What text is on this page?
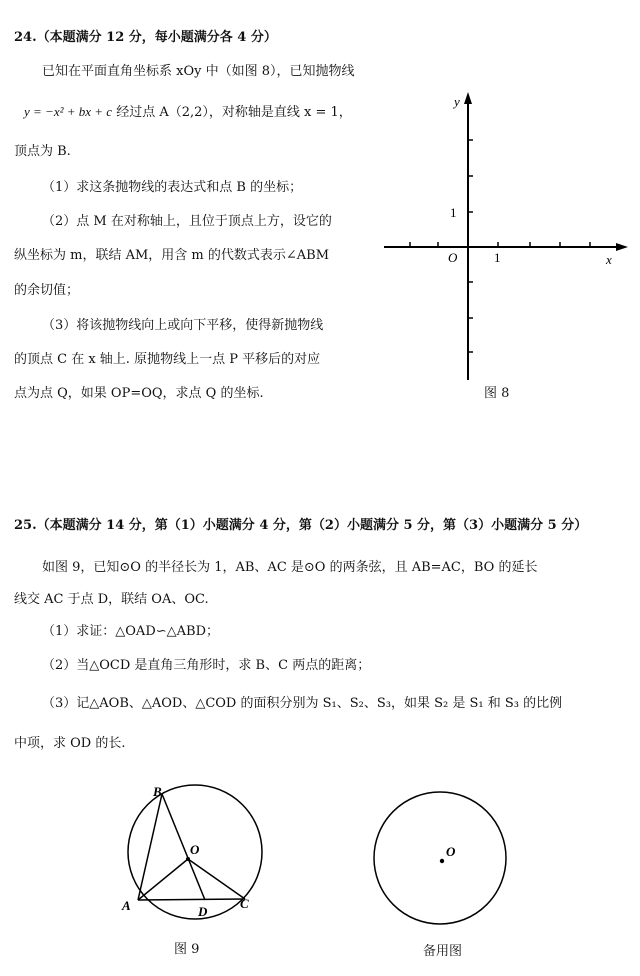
24.（本题满分 12 分，每小题满分各 4 分）
已知在平面直角坐标系 xOy 中（如图 8），已知抛物线
y = −x² + bx + c 经过点 A（2,2），对称轴是直线 x = 1，
顶点为 B.
（1）求这条抛物线的表达式和点 B 的坐标；
（2）点 M 在对称轴上，且位于顶点上方，设它的
纵坐标为 m，联结 AM，用含 m 的代数式表示∠ABM
的余切值；
（3）将该抛物线向上或向下平移，使得新抛物线
的顶点 C 在 x 轴上. 原抛物线上一点 P 平移后的对应
点为点 Q，如果 OP=OQ，求点 Q 的坐标.
y
x
O	1
1
图 8
25.（本题满分 14 分，第（1）小题满分 4 分，第（2）小题满分 5 分，第（3）小题满分 5 分）
如图 9，已知⊙O 的半径长为 1，AB、AC 是⊙O 的两条弦，且 AB=AC，BO 的延长
线交 AC 于点 D，联结 OA、OC.
（1）求证：△OAD∽△ABD；
（2）当△OCD 是直角三角形时，求 B、C 两点的距离；
（3）记△AOB、△AOD、△COD 的面积分别为 S₁、S₂、S₃，如果 S₂ 是 S₁ 和 S₃ 的比例
中项，求 OD 的长.
B
O
A	D
C
图 9
O
备用图
